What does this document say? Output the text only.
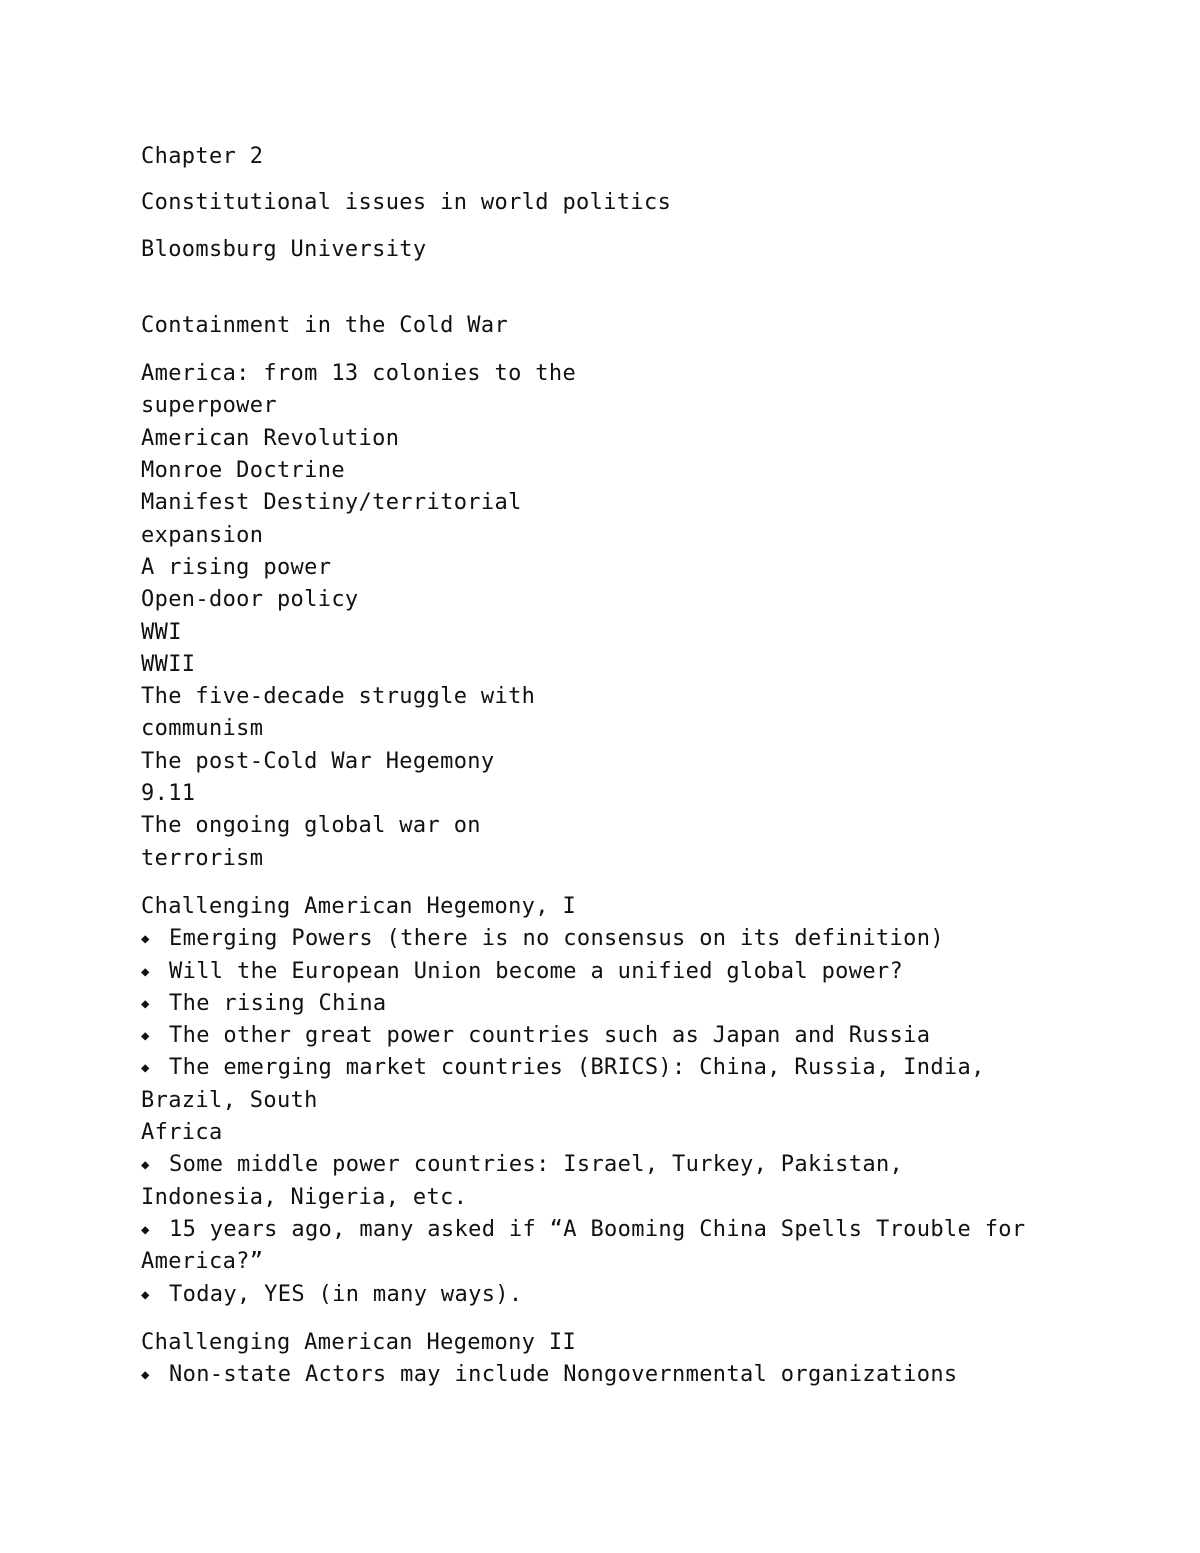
Chapter 2
Constitutional issues in world politics
Bloomsburg University
Containment in the Cold War
America: from 13 colonies to the
superpower
American Revolution
Monroe Doctrine
Manifest Destiny/territorial
expansion
A rising power
Open-door policy
WWI
WWII
The five-decade struggle with
communism
The post-Cold War Hegemony
9.11
The ongoing global war on
terrorism
Challenging American Hegemony, I
◆ Emerging Powers (there is no consensus on its definition)
◆ Will the European Union become a unified global power?
◆ The rising China
◆ The other great power countries such as Japan and Russia
◆ The emerging market countries (BRICS): China, Russia, India,
Brazil, South
Africa
◆ Some middle power countries: Israel, Turkey, Pakistan,
Indonesia, Nigeria, etc.
◆ 15 years ago, many asked if “A Booming China Spells Trouble for
America?”
◆ Today, YES (in many ways).
Challenging American Hegemony II
◆ Non-state Actors may include Nongovernmental organizations
